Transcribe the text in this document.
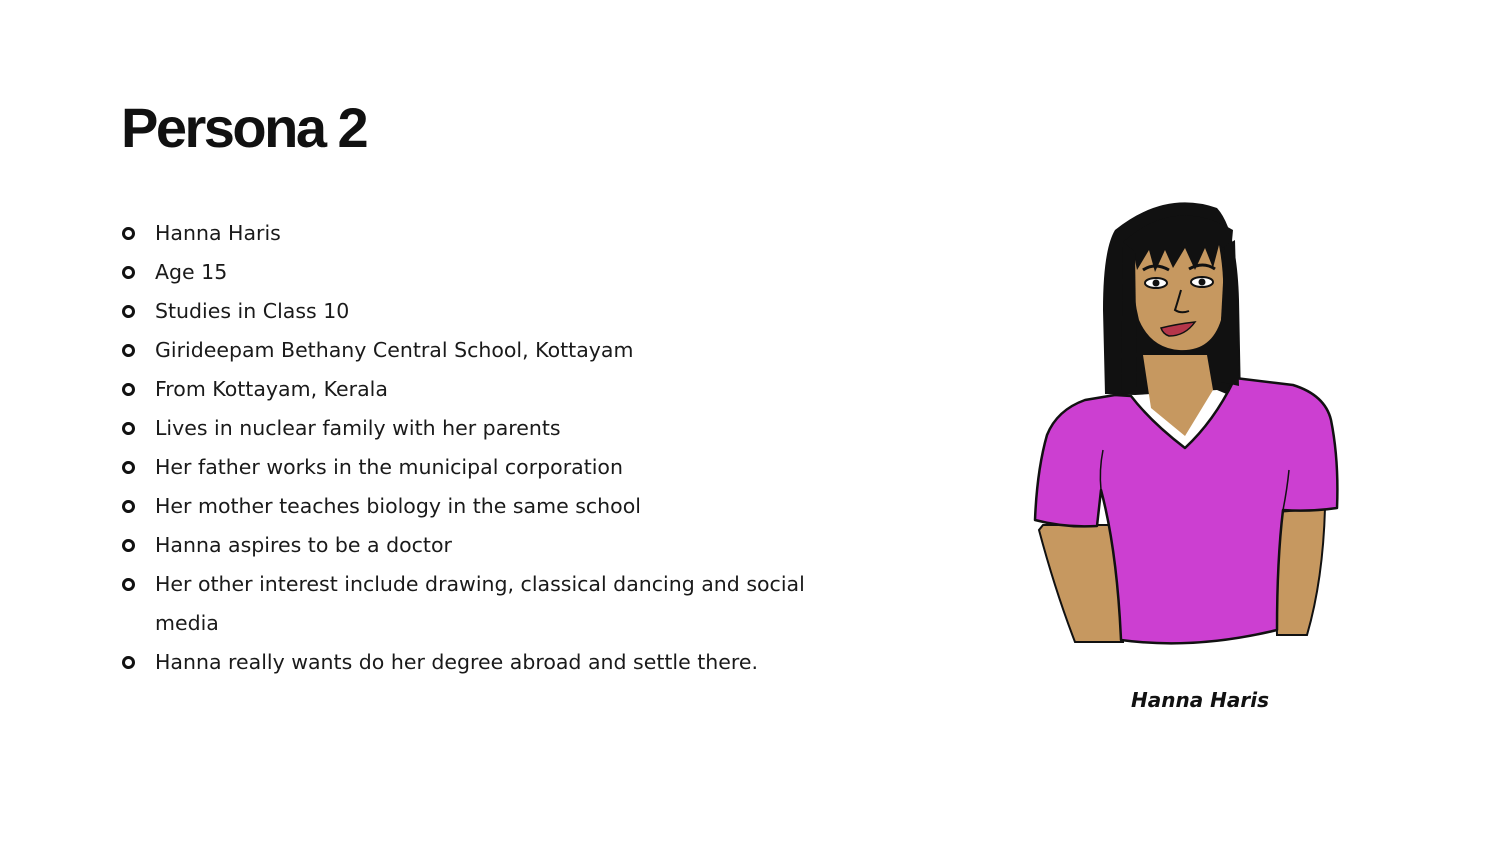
Persona 2
Hanna Haris
Age 15
Studies in Class 10
Girideepam Bethany Central School, Kottayam
From Kottayam, Kerala
Lives in nuclear family with her parents
Her father works in the municipal corporation
Her mother teaches biology in the same school
Hanna aspires to be a doctor
Her other interest include drawing, classical dancing and social media
Hanna really wants do her degree abroad and settle there.
Hanna Haris
